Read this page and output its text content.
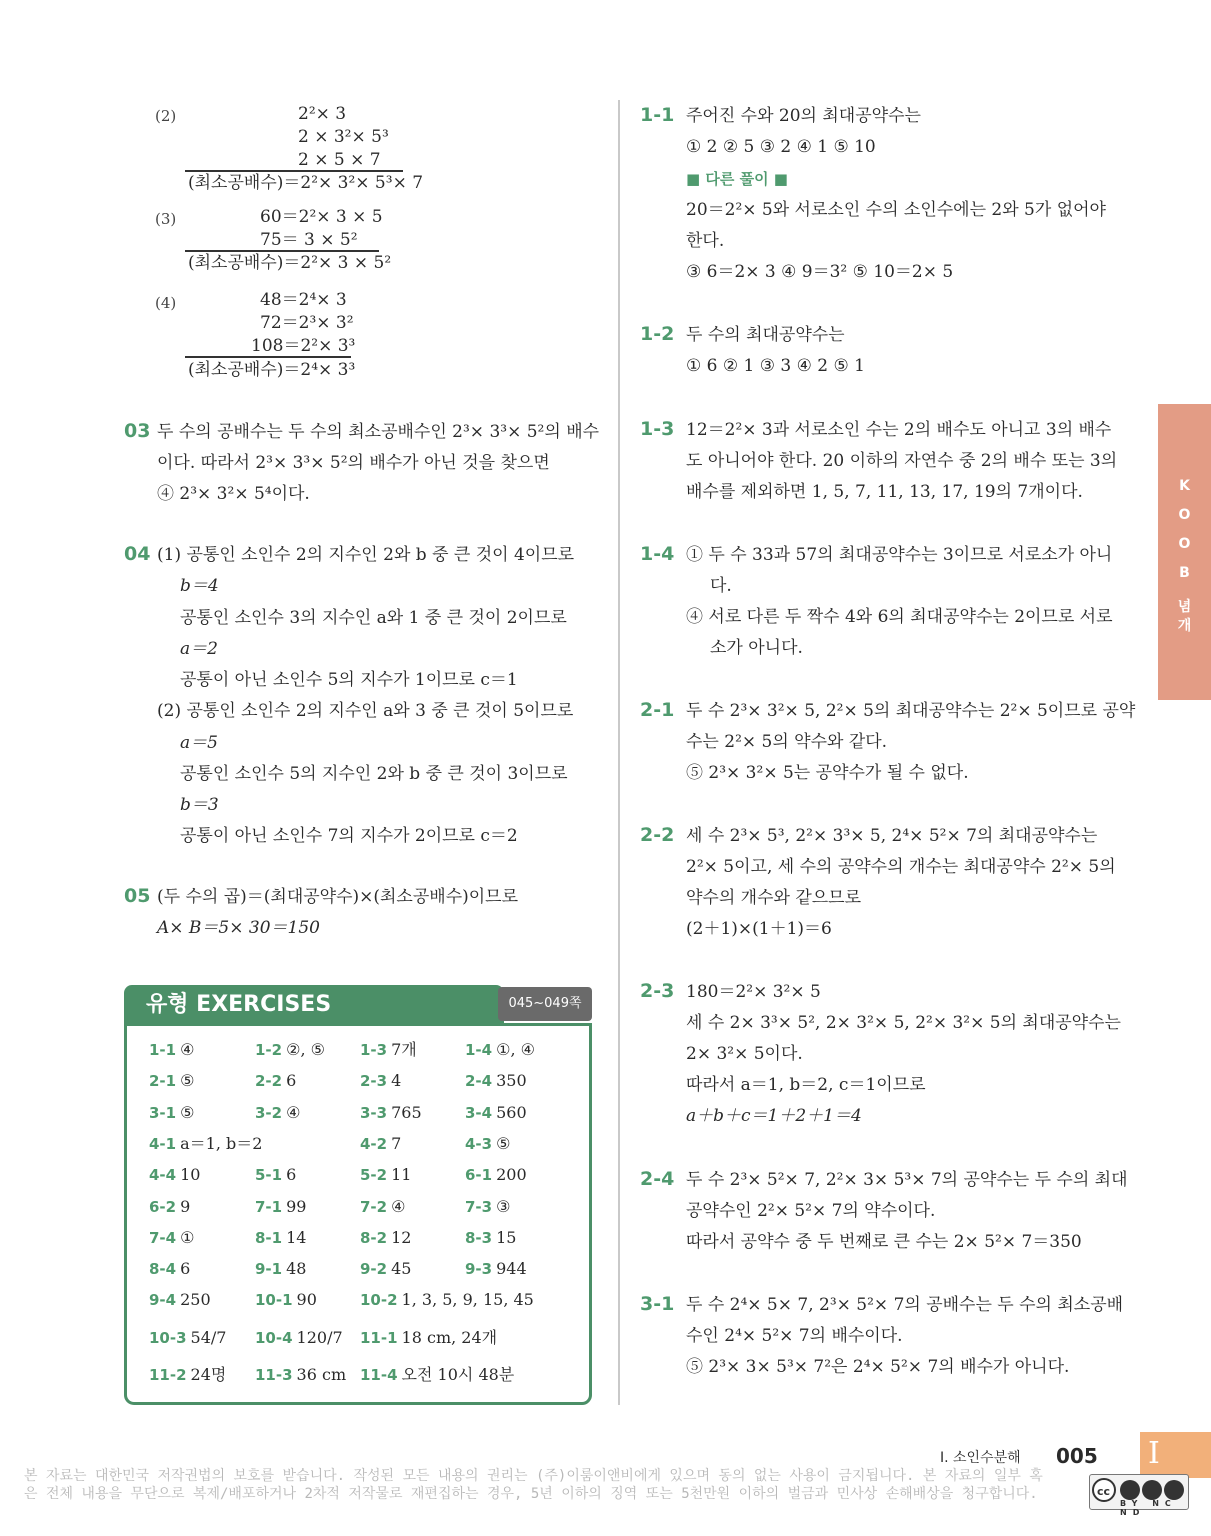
(2)	2²× 3
2 × 3²× 5³
2 × 5 × 7
(최소공배수)＝2²× 3²× 5³× 7
(3)	60＝2²× 3 × 5
75＝ 3 × 5²
(최소공배수)＝2²× 3 × 5²
(4)	48＝2⁴× 3
72＝2³× 3²
108＝2²× 3³
(최소공배수)＝2⁴× 3³
03 두 수의 공배수는 두 수의 최소공배수인 2³× 3³× 5²의 배수
이다. 따라서 2³× 3³× 5²의 배수가 아닌 것을 찾으면
④ 2³× 3²× 5⁴이다.
04 (1) 공통인 소인수 2의 지수인 2와 b 중 큰 것이 4이므로
b＝4
공통인 소인수 3의 지수인 a와 1 중 큰 것이 2이므로
a＝2
공통이 아닌 소인수 5의 지수가 1이므로 c＝1
(2) 공통인 소인수 2의 지수인 a와 3 중 큰 것이 5이므로
a＝5
공통인 소인수 5의 지수인 2와 b 중 큰 것이 3이므로
b＝3
공통이 아닌 소인수 7의 지수가 2이므로 c＝2
05 (두 수의 곱)＝(최대공약수)×(최소공배수)이므로
A× B＝5× 30＝150
유형 EXERCISES	045~049쪽
1-1 ④	1-2 ②, ⑤ 1-3 7개	1-4 ①, ④
2-1 ⑤	2-2 6	2-3 4	2-4 350
3-1 ⑤	3-2 ④	3-3 765	3-4 560
4-1 a＝1, b＝2	4-2 7	4-3 ⑤
4-4 10	5-1 6	5-2 11	6-1 200
6-2 9	7-1 99	7-2 ④	7-3 ③
7-4 ①	8-1 14	8-2 12	8-3 15
8-4 6	9-1 48	9-2 45	9-3 944
9-4 250	10-1 90	10-2 1, 3, 5, 9, 15, 45
10-3 54/7 10-4 120/7 11-1 18 cm, 24개
11-2 24명 11-3 36 cm 11-4 오전 10시 48분
1-1 주어진 수와 20의 최대공약수는
① 2 ② 5 ③ 2 ④ 1 ⑤ 10
■ 다른 풀이 ■
20＝2²× 5와 서로소인 수의 소인수에는 2와 5가 없어야
한다.
③ 6＝2× 3 ④ 9＝3² ⑤ 10＝2× 5
1-2 두 수의 최대공약수는
① 6 ② 1 ③ 3 ④ 2 ⑤ 1
1-3 12＝2²× 3과 서로소인 수는 2의 배수도 아니고 3의 배수
도 아니어야 한다. 20 이하의 자연수 중 2의 배수 또는 3의
배수를 제외하면 1, 5, 7, 11, 13, 17, 19의 7개이다.
1-4 ① 두 수 33과 57의 최대공약수는 3이므로 서로소가 아니
다.
④ 서로 다른 두 짝수 4와 6의 최대공약수는 2이므로 서로
소가 아니다.
2-1 두 수 2³× 3²× 5, 2²× 5의 최대공약수는 2²× 5이므로 공약
수는 2²× 5의 약수와 같다.
⑤ 2³× 3²× 5는 공약수가 될 수 없다.
2-2 세 수 2³× 5³, 2²× 3³× 5, 2⁴× 5²× 7의 최대공약수는
2²× 5이고, 세 수의 공약수의 개수는 최대공약수 2²× 5의
약수의 개수와 같으므로
(2＋1)×(1＋1)＝6
2-3 180＝2²× 3²× 5
세 수 2× 3³× 5², 2× 3²× 5, 2²× 3²× 5의 최대공약수는
2× 3²× 5이다.
따라서 a＝1, b＝2, c＝1이므로
a＋b＋c＝1＋2＋1＝4
2-4 두 수 2³× 5²× 7, 2²× 3× 5³× 7의 공약수는 두 수의 최대
공약수인 2²× 5²× 7의 약수이다.
따라서 공약수 중 두 번째로 큰 수는 2× 5²× 7＝350
3-1 두 수 2⁴× 5× 7, 2³× 5²× 7의 공배수는 두 수의 최소공배
수인 2⁴× 5²× 7의 배수이다.
⑤ 2³× 3× 5³× 7²은 2⁴× 5²× 7의 배수가 아니다.
K
O
O
B
념
개
I. 소인수분해 005 I
본 자료는 대한민국 저작권법의 보호를 받습니다. 작성된 모든 내용의 권리는 (주)이룸이앤비에게 있으며 동의 없는 사용이 금지됩니다. 본 자료의 일부 혹은 전체 내용을 무단으로 복제/배포하거나 2차적 저작물로 재편집하는 경우, 5년 이하의 징역 또는 5천만원 이하의 벌금과 민사상 손해배상을 청구합니다.	cc
BY NC ND
